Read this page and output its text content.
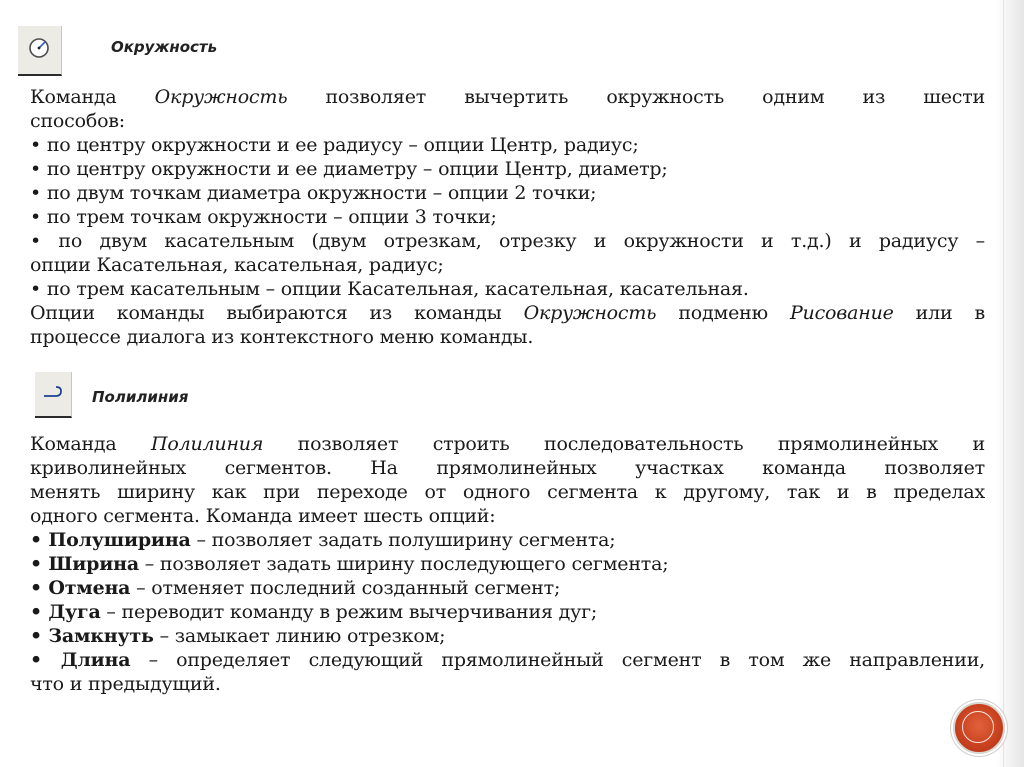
Окружность

Команда Окружность позволяет вычертить окружность одним из шести

способов:

• по центру окружности и ее радиусу – опции Центр, радиус;

• по центру окружности и ее диаметру – опции Центр, диаметр;

• по двум точкам диаметра окружности – опции 2 точки;

• по трем точкам окружности – опции 3 точки;

• по двум касательным (двум отрезкам, отрезку и окружности и т.д.) и радиусу –

опции Касательная, касательная, радиус;

• по трем касательным – опции Касательная, касательная, касательная.

Опции команды выбираются из команды Окружность подменю Рисование или в

процессе диалога из контекстного меню команды.

Полилиния

Команда Полилиния позволяет строить последовательность прямолинейных и

криволинейных сегментов. На прямолинейных участках команда позволяет

менять ширину как при переходе от одного сегмента к другому, так и в пределах

одного сегмента. Команда имеет шесть опций:

• Полуширина – позволяет задать полуширину сегмента;

• Ширина – позволяет задать ширину последующего сегмента;

• Отмена – отменяет последний созданный сегмент;

• Дуга – переводит команду в режим вычерчивания дуг;

• Замкнуть – замыкает линию отрезком;

• Длина – определяет следующий прямолинейный сегмент в том же направлении,

что и предыдущий.
